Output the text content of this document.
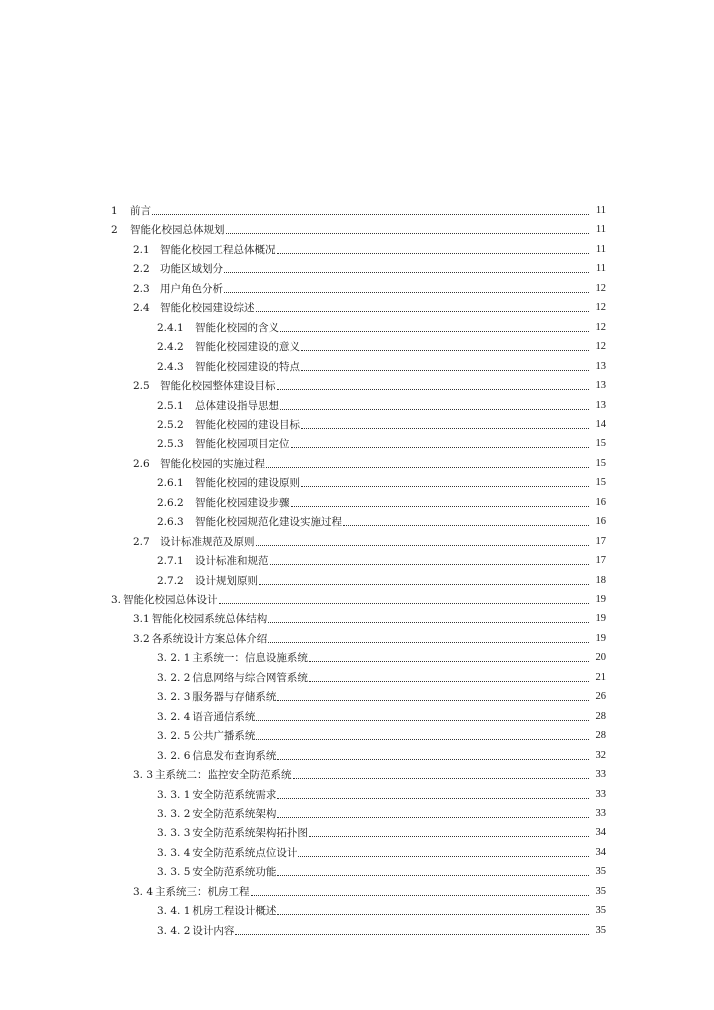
1	前言	11
2	智能化校园总体规划	11
2.1 智能化校园工程总体概况	11
2.2 功能区域划分	11
2.3 用户角色分析	12
2.4 智能化校园建设综述	12
2.4.1	智能化校园的含义	12
2.4.2	智能化校园建设的意义	12
2.4.3	智能化校园建设的特点	13
2.5 智能化校园整体建设目标	13
2.5.1	总体建设指导思想	13
2.5.2	智能化校园的建设目标	14
2.5.3	智能化校园项目定位	15
2.6 智能化校园的实施过程	15
2.6.1	智能化校园的建设原则	15
2.6.2	智能化校园建设步骤	16
2.6.3	智能化校园规范化建设实施过程	16
2.7 设计标准规范及原则	17
2.7.1	设计标准和规范	17
2.7.2	设计规划原则	18
3. 智能化校园总体设计	19
3.1 智能化校园系统总体结构	19
3.2 各系统设计方案总体介绍	19
3. 2. 1 主系统一：信息设施系统	20
3. 2. 2 信息网络与综合网管系统	21
3. 2. 3 服务器与存储系统	26
3. 2. 4 语音通信系统	28
3. 2. 5 公共广播系统	28
3. 2. 6 信息发布查询系统	32
3. 3 主系统二：监控安全防范系统	33
3. 3. 1 安全防范系统需求	33
3. 3. 2 安全防范系统架构	33
3. 3. 3 安全防范系统架构拓扑图	34
3. 3. 4 安全防范系统点位设计	34
3. 3. 5 安全防范系统功能	35
3. 4 主系统三：机房工程	35
3. 4. 1 机房工程设计概述	35
3. 4. 2 设计内容	35
